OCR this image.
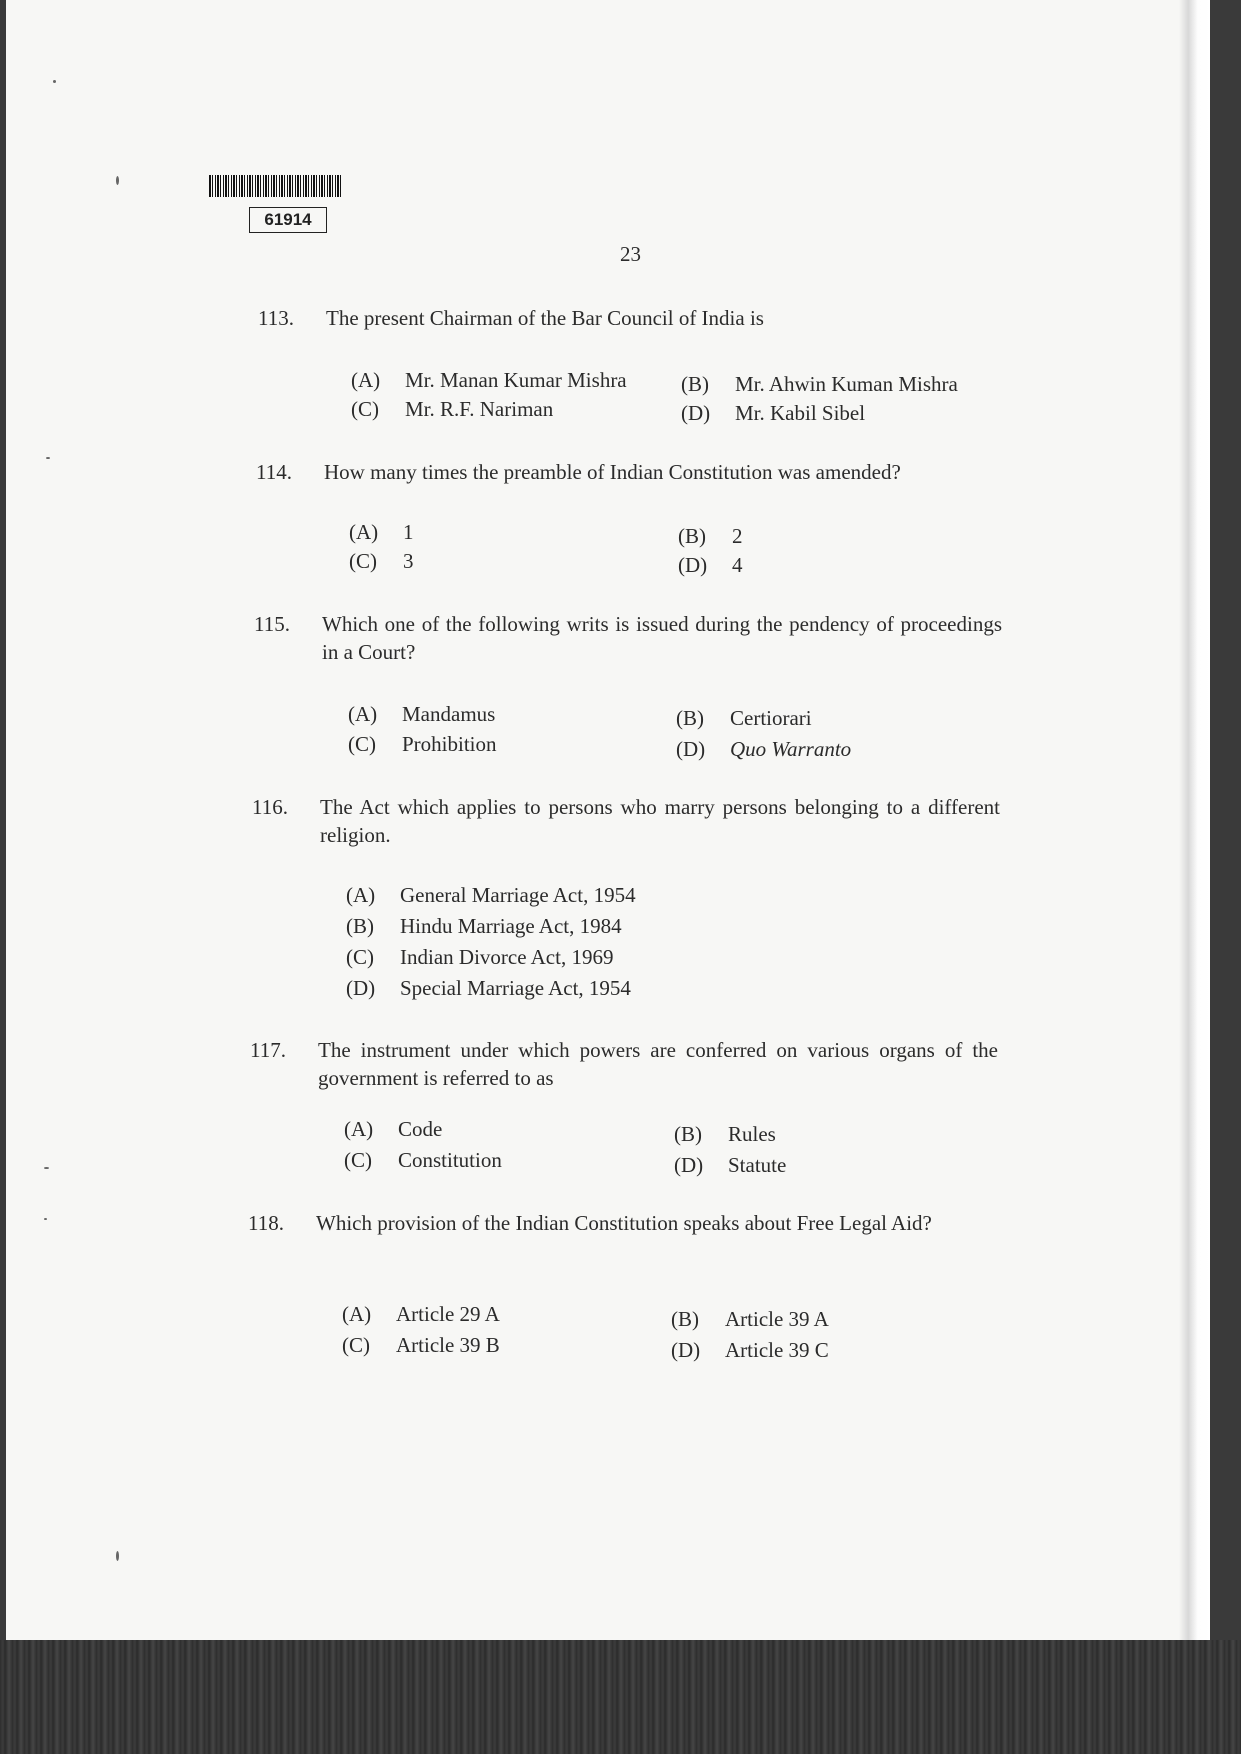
61914
23
113. The present Chairman of the Bar Council of India is
(A) Mr. Manan Kumar Mishra	(B) Mr. Ahwin Kuman Mishra
(C) Mr. R.F. Nariman	(D) Mr. Kabil Sibel
114. How many times the preamble of Indian Constitution was amended?
(A) 1	(B) 2
(C) 3	(D) 4
115. Which one of the following writs is issued during the pendency of proceedings in a Court?
(A) Mandamus	(B) Certiorari
(C) Prohibition	(D) Quo Warranto
116. The Act which applies to persons who marry persons belonging to a different religion.
(A) General Marriage Act, 1954
(B) Hindu Marriage Act, 1984
(C) Indian Divorce Act, 1969
(D) Special Marriage Act, 1954
117. The instrument under which powers are conferred on various organs of the government is referred to as
(A) Code	(B) Rules
(C) Constitution	(D) Statute
118. Which provision of the Indian Constitution speaks about Free Legal Aid?
(A) Article 29 A	(B) Article 39 A
(C) Article 39 B	(D) Article 39 C
